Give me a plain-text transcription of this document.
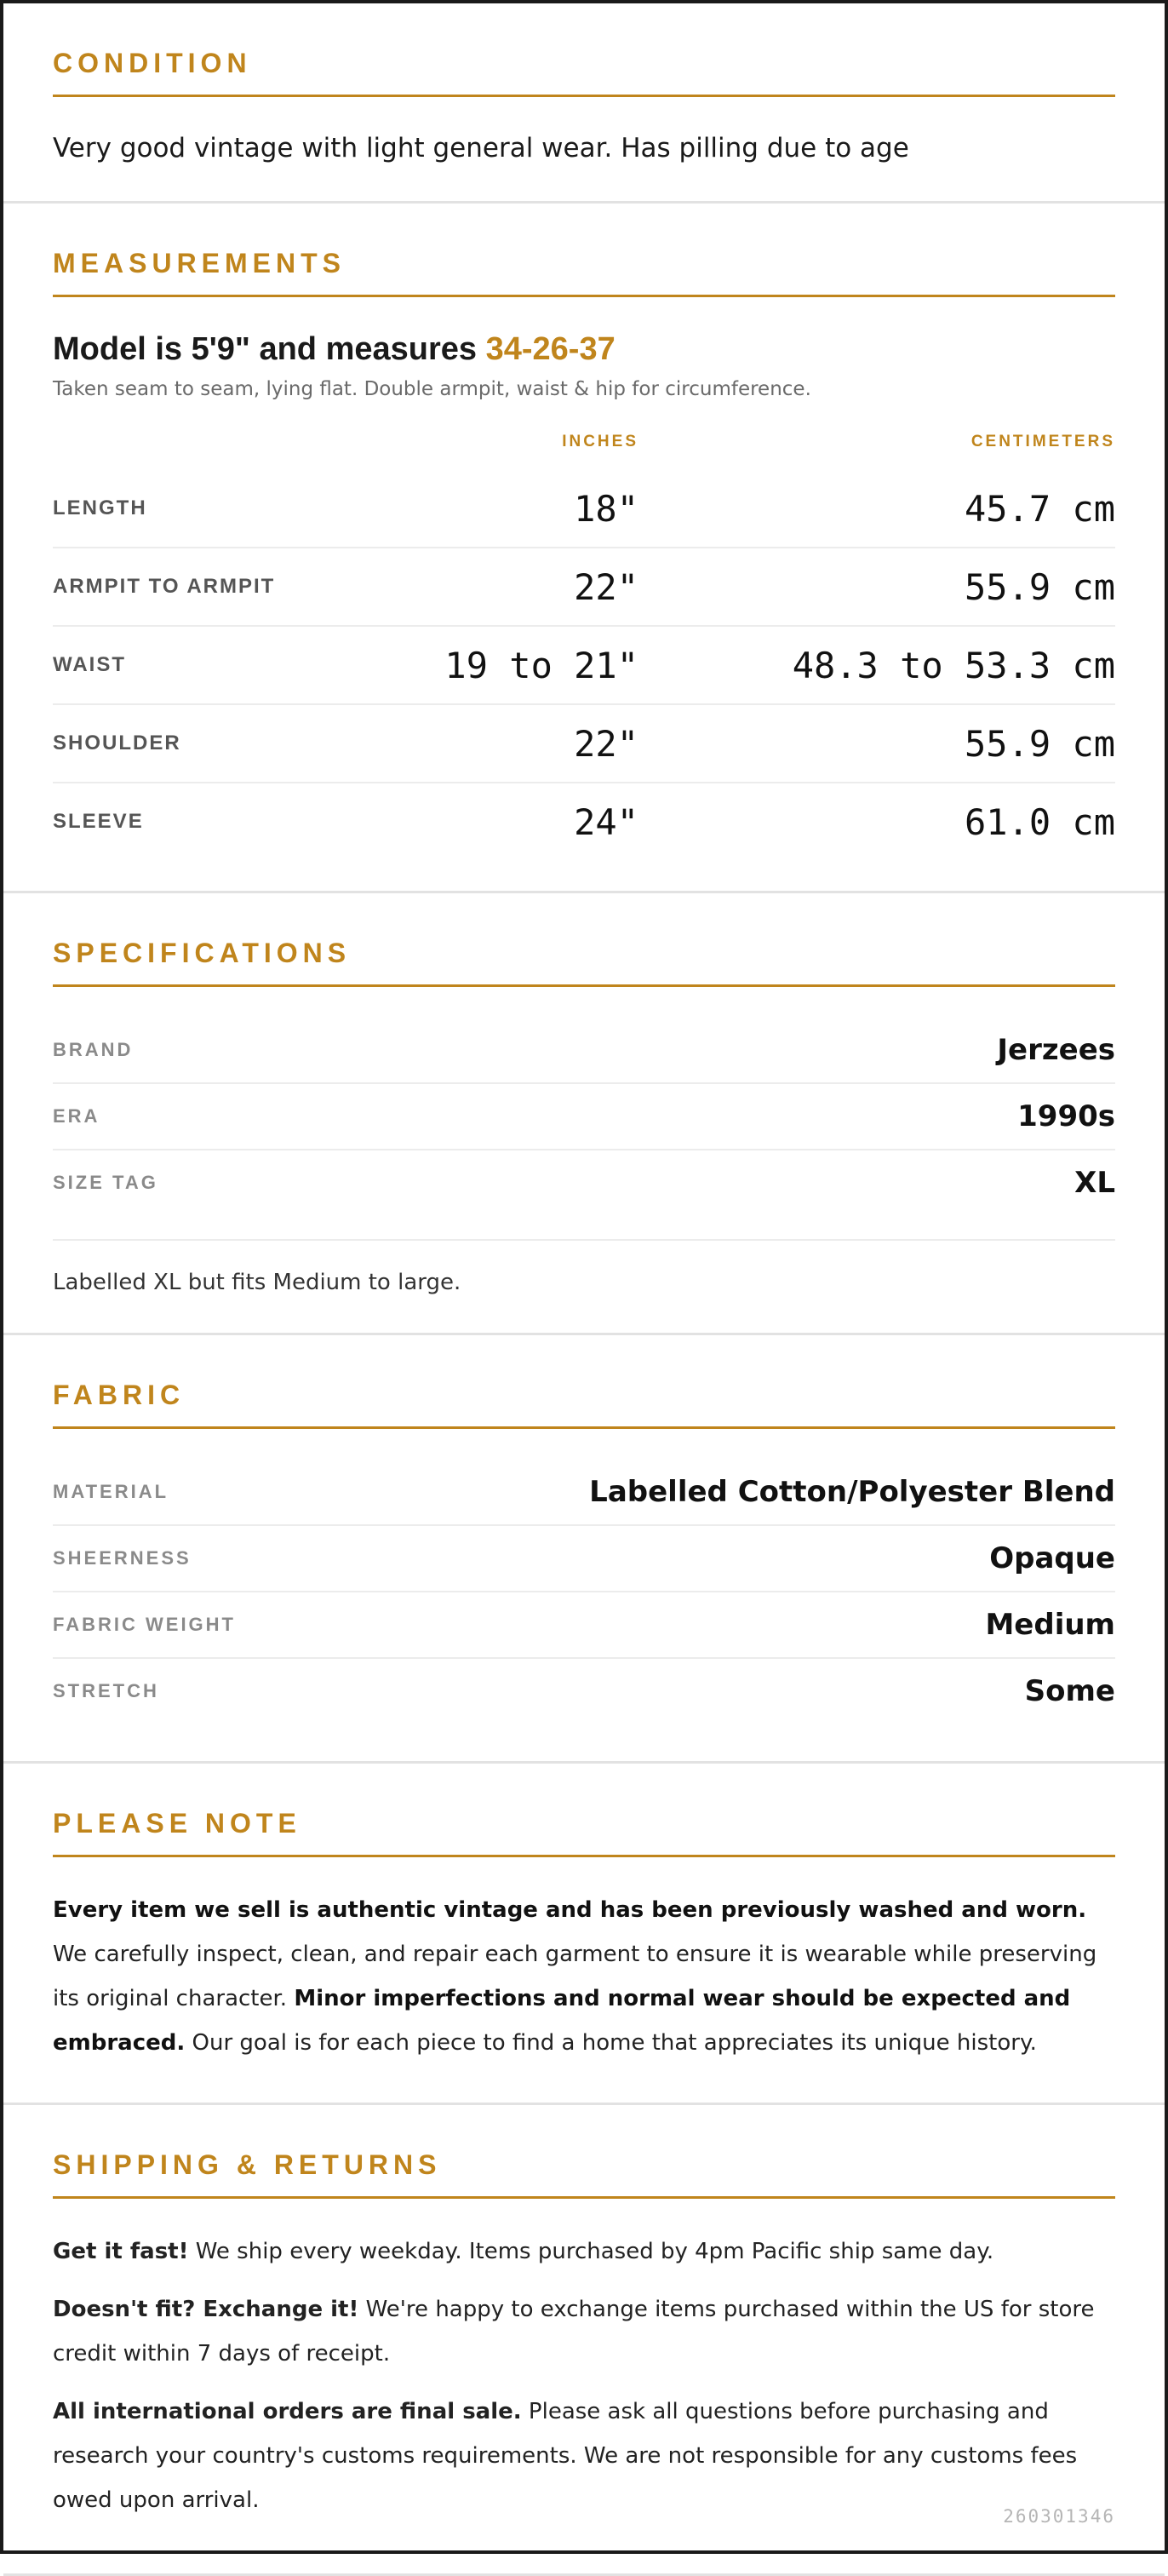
CONDITION
Very good vintage with light general wear. Has pilling due to age
MEASUREMENTS
Model is 5'9" and measures 34-26-37
Taken seam to seam, lying flat. Double armpit, waist & hip for circumference.
INCHES	CENTIMETERS
LENGTH	18"	45.7 cm
ARMPIT TO ARMPIT	22"	55.9 cm
WAIST	19 to 21"	48.3 to 53.3 cm
SHOULDER	22"	55.9 cm
SLEEVE	24"	61.0 cm
SPECIFICATIONS
BRAND	Jerzees
ERA	1990s
SIZE TAG	XL
Labelled XL but fits Medium to large.
FABRIC
MATERIAL	Labelled Cotton/Polyester Blend
SHEERNESS	Opaque
FABRIC WEIGHT	Medium
STRETCH	Some
PLEASE NOTE

Every item we sell is authentic vintage and has been previously washed and worn. We carefully inspect, clean, and repair each garment to ensure it is wearable while preserving its original character. Minor imperfections and normal wear should be expected and embraced. Our goal is for each piece to find a home that appreciates its unique history.

SHIPPING & RETURNS

Get it fast! We ship every weekday. Items purchased by 4pm Pacific ship same day.

Doesn't fit? Exchange it! We're happy to exchange items purchased within the US for store credit within 7 days of receipt.

All international orders are final sale. Please ask all questions before purchasing and research your country's customs requirements. We are not responsible for any customs fees owed upon arrival.

260301346
